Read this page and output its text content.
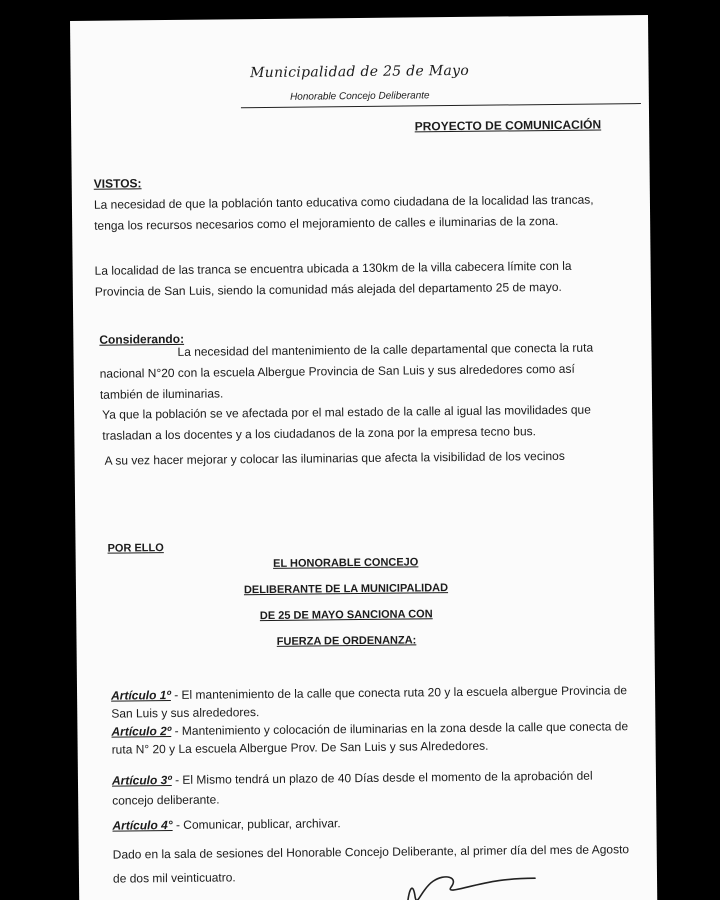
Municipalidad de 25 de Mayo
Honorable Concejo Deliberante
PROYECTO DE COMUNICACIÓN
VISTOS:
La necesidad de que la población tanto educativa como ciudadana de la localidad las trancas, tenga los recursos necesarios como el mejoramiento de calles e iluminarias de la zona.
La localidad de las tranca se encuentra ubicada a 130km de la villa cabecera límite con la Provincia de San Luis, siendo la comunidad más alejada del departamento 25 de mayo.
Considerando:
La necesidad del mantenimiento de la calle departamental que conecta la ruta nacional N°20 con la escuela Albergue Provincia de San Luis y sus alrededores como así también de iluminarias.
Ya que la población se ve afectada por el mal estado de la calle al igual las movilidades que trasladan a los docentes y a los ciudadanos de la zona por la empresa tecno bus.
A su vez hacer mejorar y colocar las iluminarias que afecta la visibilidad de los vecinos
POR ELLO
EL HONORABLE CONCEJO
DELIBERANTE DE LA MUNICIPALIDAD
DE 25 DE MAYO SANCIONA CON
FUERZA DE ORDENANZA:
Artículo 1º - El mantenimiento de la calle que conecta ruta 20 y la escuela albergue Provincia de San Luis y sus alrededores.
Artículo 2º - Mantenimiento y colocación de iluminarias en la zona desde la calle que conecta de ruta N° 20 y La escuela Albergue Prov. De San Luis y sus Alrededores.
Artículo 3º - El Mismo tendrá un plazo de 40 Días desde el momento de la aprobación del concejo deliberante.
Artículo 4° - Comunicar, publicar, archivar.
Dado en la sala de sesiones del Honorable Concejo Deliberante, al primer día del mes de Agosto de dos mil veinticuatro.
